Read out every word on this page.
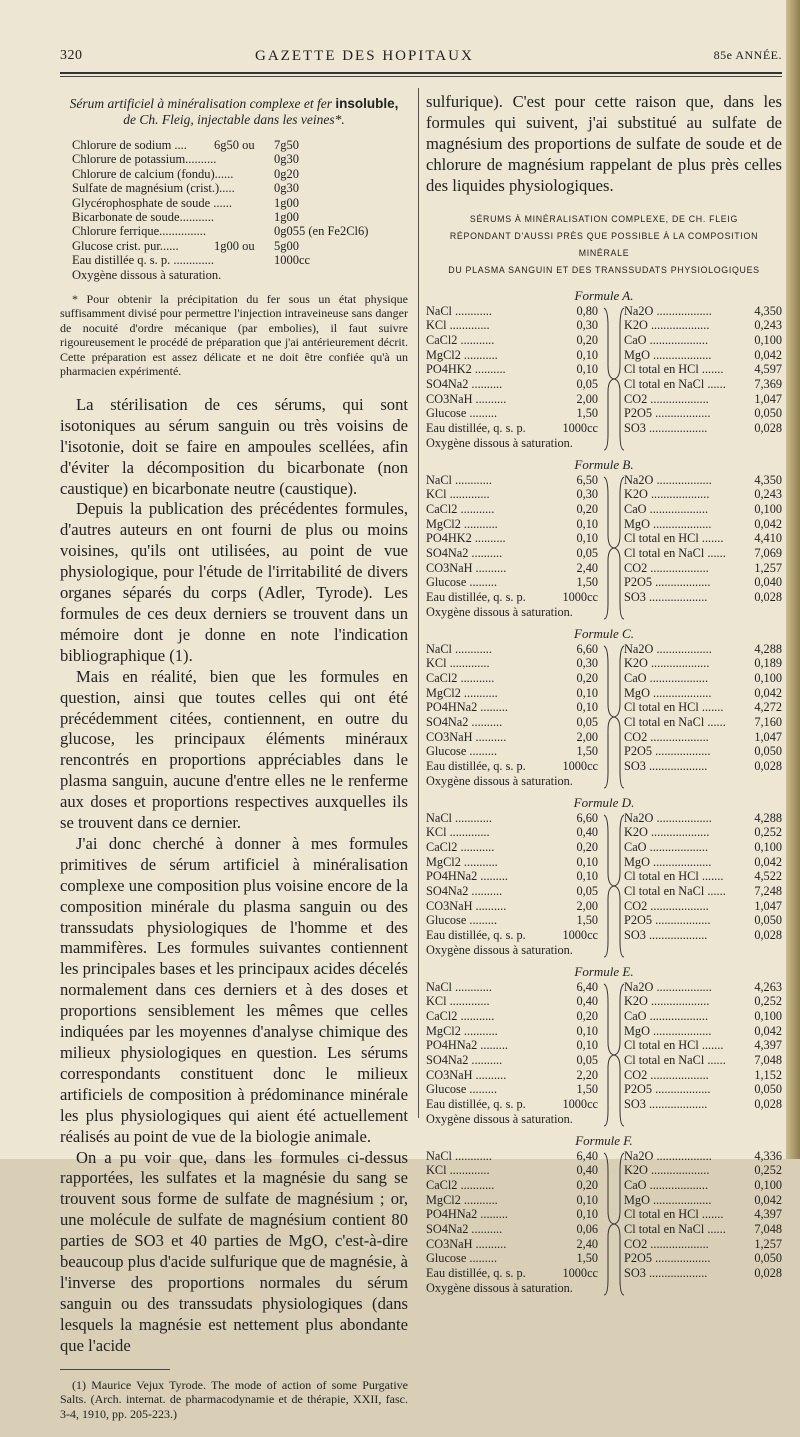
320	GAZETTE DES HOPITAUX	85e ANNÉE.
Sérum artificiel à minéralisation complexe et fer insoluble,
de Ch. Fleig, injectable dans les veines*.
Chlorure de sodium .... 6g50 ou 7g50
Chlorure de potassium..........	0g30
Chlorure de calcium (fondu)......	0g20
Sulfate de magnésium (crist.).....	0g30
Glycérophosphate de soude ......	1g00
Bicarbonate de soude...........	1g00
Chlorure ferrique...............	0g055 (en Fe2Cl6)
Glucose crist. pur......	1g00 ou 5g00
Eau distillée q. s. p. .............	1000cc
Oxygène dissous à saturation.
* Pour obtenir la précipitation du fer sous un état physique suffisamment divisé pour permettre l'injection intraveineuse sans danger de nocuité d'ordre mécanique (par embolies), il faut suivre rigoureusement le procédé de préparation que j'ai antérieurement décrit. Cette préparation est assez délicate et ne doit être confiée qu'à un pharmacien expérimenté.

La stérilisation de ces sérums, qui sont isotoniques au sérum sanguin ou très voisins de l'isotonie, doit se faire en ampoules scellées, afin d'éviter la décomposition du bicarbonate (non caustique) en bicarbonate neutre (caustique).

Depuis la publication des précédentes formules, d'autres auteurs en ont fourni de plus ou moins voisines, qu'ils ont utilisées, au point de vue physiologique, pour l'étude de l'irritabilité de divers organes séparés du corps (Adler, Tyrode). Les formules de ces deux derniers se trouvent dans un mémoire dont je donne en note l'indication bibliographique (1).

Mais en réalité, bien que les formules en question, ainsi que toutes celles qui ont été précédemment citées, contiennent, en outre du glucose, les principaux éléments minéraux rencontrés en proportions appréciables dans le plasma sanguin, aucune d'entre elles ne le renferme aux doses et proportions respectives auxquelles ils se trouvent dans ce dernier.

J'ai donc cherché à donner à mes formules primitives de sérum artificiel à minéralisation complexe une composition plus voisine encore de la composition minérale du plasma sanguin ou des transsudats physiologiques de l'homme et des mammifères. Les formules suivantes contiennent les principales bases et les principaux acides décelés normalement dans ces derniers et à des doses et proportions sensiblement les mêmes que celles indiquées par les moyennes d'analyse chimique des milieux physiologiques en question. Les sérums correspondants constituent donc le milieux artificiels de composition à prédominance minérale les plus physiologiques qui aient été actuellement réalisés au point de vue de la biologie animale.

On a pu voir que, dans les formules ci-dessus rapportées, les sulfates et la magnésie du sang se trouvent sous forme de sulfate de magnésium ; or, une molécule de sulfate de magnésium contient 80 parties de SO3 et 40 parties de MgO, c'est-à-dire beaucoup plus d'acide sulfurique que de magnésie, à l'inverse des proportions normales du sérum sanguin ou des transsudats physiologiques (dans lesquels la magnésie est nettement plus abondante que l'acide

(1) Maurice Vejux Tyrode. The mode of action of some Purgative Salts. (Arch. internat. de pharmacodynamie et de thérapie, XXII, fasc. 3-4, 1910, pp. 205-223.)
sulfurique). C'est pour cette raison que, dans les formules qui suivent, j'ai substitué au sulfate de magnésium des proportions de sulfate de soude et de chlorure de magnésium rappelant de plus près celles des liquides physiologiques.
SÉRUMS À MINÉRALISATION COMPLEXE, DE CH. FLEIG
RÉPONDANT D'AUSSI PRÈS QUE POSSIBLE À LA COMPOSITION MINÉRALE
DU PLASMA SANGUIN ET DES TRANSSUDATS PHYSIOLOGIQUES
Formule A.
NaCl ............	0,80
KCl .............	0,30
CaCl2 ...........	0,20
MgCl2 ...........	0,10
PO4HK2 ..........	0,10
SO4Na2 ..........	0,05
CO3NaH ..........	2,00
Glucose .........	1,50
Eau distillée, q. s. p.	1000cc
Oxygène dissous à saturation.
Na2O ..................	4,350
K2O ...................	0,243
CaO ...................	0,100
MgO ...................	0,042
Cl total en HCl .......	4,597
Cl total en NaCl ...... 7,369
CO2 ...................	1,047
P2O5 ..................	0,050
SO3 ...................	0,028
Formule B.
NaCl ............	6,50
KCl .............	0,30
CaCl2 ...........	0,20
MgCl2 ...........	0,10
PO4HK2 ..........	0,10
SO4Na2 ..........	0,05
CO3NaH ..........	2,40
Glucose .........	1,50
Eau distillée, q. s. p.	1000cc
Oxygène dissous à saturation.
Na2O ..................	4,350
K2O ...................	0,243
CaO ...................	0,100
MgO ...................	0,042
Cl total en HCl .......	4,410
Cl total en NaCl ...... 7,069
CO2 ...................	1,257
P2O5 ..................	0,040
SO3 ...................	0,028
Formule C.
NaCl ............	6,60
KCl .............	0,30
CaCl2 ...........	0,20
MgCl2 ...........	0,10
PO4HNa2 .........	0,10
SO4Na2 ..........	0,05
CO3NaH ..........	2,00
Glucose .........	1,50
Eau distillée, q. s. p.	1000cc
Oxygène dissous à saturation.
Na2O ..................	4,288
K2O ...................	0,189
CaO ...................	0,100
MgO ...................	0,042
Cl total en HCl .......	4,272
Cl total en NaCl ...... 7,160
CO2 ...................	1,047
P2O5 ..................	0,050
SO3 ...................	0,028
Formule D.
NaCl ............	6,60
KCl .............	0,40
CaCl2 ...........	0,20
MgCl2 ...........	0,10
PO4HNa2 .........	0,10
SO4Na2 ..........	0,05
CO3NaH ..........	2,00
Glucose .........	1,50
Eau distillée, q. s. p.	1000cc
Oxygène dissous à saturation.
Na2O ..................	4,288
K2O ...................	0,252
CaO ...................	0,100
MgO ...................	0,042
Cl total en HCl .......	4,522
Cl total en NaCl ...... 7,248
CO2 ...................	1,047
P2O5 ..................	0,050
SO3 ...................	0,028
Formule E.
NaCl ............	6,40
KCl .............	0,40
CaCl2 ...........	0,20
MgCl2 ...........	0,10
PO4HNa2 .........	0,10
SO4Na2 ..........	0,05
CO3NaH ..........	2,20
Glucose .........	1,50
Eau distillée, q. s. p.	1000cc
Oxygène dissous à saturation.
Na2O ..................	4,263
K2O ...................	0,252
CaO ...................	0,100
MgO ...................	0,042
Cl total en HCl .......	4,397
Cl total en NaCl ...... 7,048
CO2 ...................	1,152
P2O5 ..................	0,050
SO3 ...................	0,028
Formule F.
NaCl ............	6,40
KCl .............	0,40
CaCl2 ...........	0,20
MgCl2 ...........	0,10
PO4HNa2 .........	0,10
SO4Na2 ..........	0,06
CO3NaH ..........	2,40
Glucose .........	1,50
Eau distillée, q. s. p.	1000cc
Oxygène dissous à saturation.
Na2O ..................	4,336
K2O ...................	0,252
CaO ...................	0,100
MgO ...................	0,042
Cl total en HCl .......	4,397
Cl total en NaCl ...... 7,048
CO2 ...................	1,257
P2O5 ..................	0,050
SO3 ...................	0,028
